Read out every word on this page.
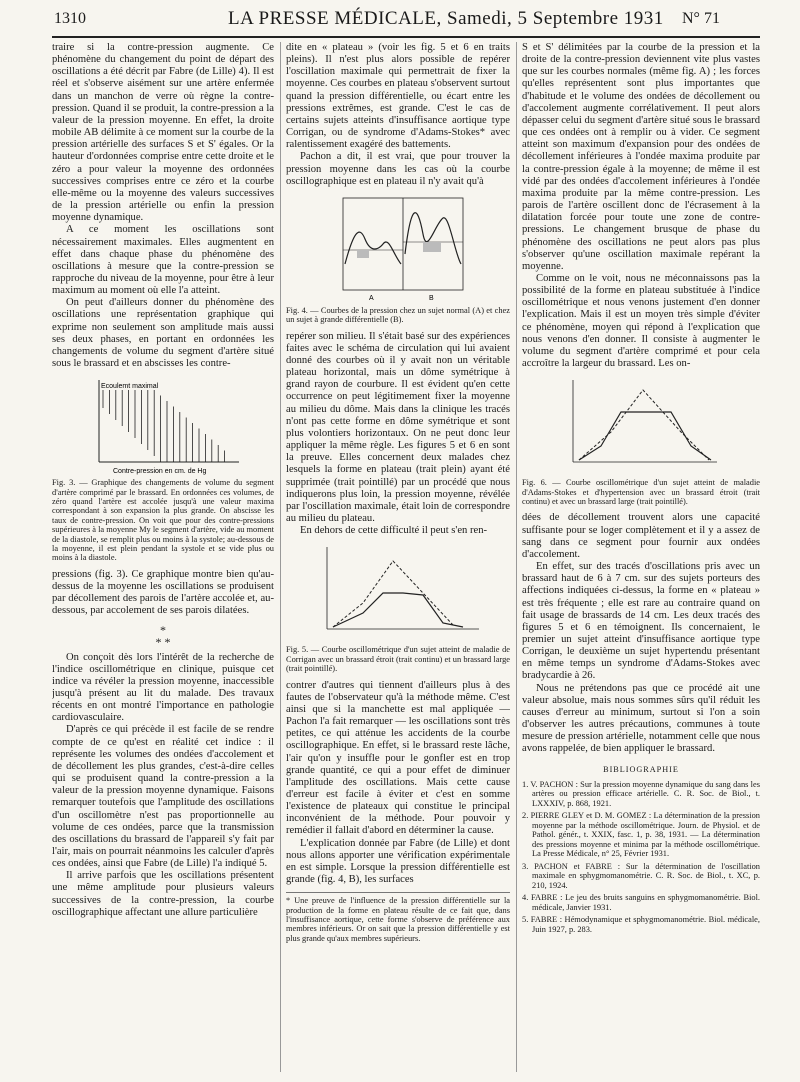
1310	LA PRESSE MÉDICALE, Samedi, 5 Septembre 1931 N° 71

traire si la contre-pression augmente. Ce phénomène du changement du point de départ des oscillations a été décrit par Fabre (de Lille) 4). Il est réel et s'observe aisément sur une artère enfermée dans un manchon de verre où règne la contre-pression. Quand il se produit, la contre-pression a la valeur de la pression moyenne. En effet, la droite mobile AB délimite à ce moment sur la courbe de la pression artérielle des surfaces S et S' égales. Or la hauteur d'ordonnées comprise entre cette droite et le zéro a pour valeur la moyenne des ordonnées successives comprises entre ce zéro et la courbe elle-même ou la moyenne des valeurs successives de la pression artérielle ou enfin la pression moyenne dynamique.

A ce moment les oscillations sont nécessairement maximales. Elles augmentent en effet dans chaque phase du phénomène des oscillations à mesure que la contre-pression se rapproche du niveau de la moyenne, pour être à leur maximum au moment où elle l'a atteint.

On peut d'ailleurs donner du phénomène des oscillations une représentation graphique qui exprime non seulement son amplitude mais aussi ses deux phases, en portant en ordonnées les changements de volume du segment d'artère situé sous le brassard et en abscisses les contre-

Ecoulemt maximal
Contre-pression en cm. de Hg
Fig. 3. — Graphique des changements de volume du segment d'artère comprimé par le brassard. En ordonnées ces volumes, de zéro quand l'artère est accolée jusqu'à une valeur maxima correspondant à son expansion la plus grande. On abscisse les taux de contre-pression. On voit que pour des contre-pressions supérieures à la moyenne My le segment d'artère, vide au moment de la diastole, se remplit plus ou moins à la systole; au-dessous de la moyenne, il est plein pendant la systole et se vide plus ou moins à la diastole.

pressions (fig. 3). Ce graphique montre bien qu'au-dessus de la moyenne les oscillations se produisent par décollement des parois de l'artère accolée et, au-dessous, par accolement de ses parois dilatées.

*
* *

On conçoit dès lors l'intérêt de la recherche de l'indice oscillométrique en clinique, puisque cet indice va révéler la pression moyenne, inaccessible jusqu'à présent au lit du malade. Des travaux récents en ont montré l'importance en pathologie cardiovasculaire.

D'après ce qui précède il est facile de se rendre compte de ce qu'est en réalité cet indice : il représente les volumes des ondées d'accolement et de décollement les plus grandes, c'est-à-dire celles qui se produisent quand la contre-pression a la valeur de la pression moyenne dynamique. Faisons remarquer toutefois que l'amplitude des oscillations d'un oscillomètre n'est pas proportionnelle au volume de ces ondées, parce que la transmission des oscillations du brassard de l'appareil s'y fait par l'air, mais on pourrait néanmoins les calculer d'après ces ondées, ainsi que Fabre (de Lille) l'a indiqué 5.

Il arrive parfois que les oscillations présentent une même amplitude pour plusieurs valeurs successives de la contre-pression, la courbe oscillographique affectant une allure particulière

dite en « plateau » (voir les fig. 5 et 6 en traits pleins). Il n'est plus alors possible de repérer l'oscillation maximale qui permettrait de fixer la moyenne. Ces courbes en plateau s'observent surtout quand la pression différentielle, ou écart entre les pressions extrêmes, est grande. C'est le cas de certains sujets atteints d'insuffisance aortique type Corrigan, ou de syndrome d'Adams-Stokes* avec ralentissement exagéré des battements.

Pachon a dit, il est vrai, que pour trouver la pression moyenne dans les cas où la courbe oscillographique est en plateau il n'y avait qu'à

A	B
Fig. 4. — Courbes de la pression chez un sujet normal (A) et chez un sujet à grande différentielle (B).

repérer son milieu. Il s'était basé sur des expériences faites avec le schéma de circulation qui lui avaient donné des courbes où il y avait non un véritable plateau horizontal, mais un dôme symétrique à grand rayon de courbure. Il est évident qu'en cette occurrence on peut légitimement fixer la moyenne au milieu du dôme. Mais dans la clinique les tracés n'ont pas cette forme en dôme symétrique et sont plus volontiers horizontaux. On ne peut donc leur appliquer la même règle. Les figures 5 et 6 en sont la preuve. Elles concernent deux malades chez lesquels la forme en plateau (trait plein) ayant été supprimée (trait pointillé) par un procédé que nous indiquerons plus loin, la pression moyenne, révélée par l'oscillation maximale, était loin de correspondre au milieu du plateau.

En dehors de cette difficulté il peut s'en ren-

Fig. 5. — Courbe oscillométrique d'un sujet atteint de maladie de Corrigan avec un brassard étroit (trait continu) et un brassard large (trait pointillé).

contrer d'autres qui tiennent d'ailleurs plus à des fautes de l'observateur qu'à la méthode même. C'est ainsi que si la manchette est mal appliquée — Pachon l'a fait remarquer — les oscillations sont très petites, ce qui atténue les accidents de la courbe oscillographique. En effet, si le brassard reste lâche, l'air qu'on y insuffle pour le gonfler est en trop grande quantité, ce qui a pour effet de diminuer l'amplitude des oscillations. Mais cette cause d'erreur est facile à éviter et c'est en somme l'existence de plateaux qui constitue le principal inconvénient de la méthode. Pour pouvoir y remédier il fallait d'abord en déterminer la cause.

L'explication donnée par Fabre (de Lille) et dont nous allons apporter une vérification expérimentale en est simple. Lorsque la pression différentielle est grande (fig. 4, B), les surfaces

* Une preuve de l'influence de la pression différentielle sur la production de la forme en plateau résulte de ce fait que, dans l'insuffisance aortique, cette forme s'observe de préférence aux membres inférieurs. Or on sait que la pression différentielle y est plus grande qu'aux membres supérieurs.

S et S' délimitées par la courbe de la pression et la droite de la contre-pression deviennent vite plus vastes que sur les courbes normales (même fig. A) ; les forces qu'elles représentent sont plus importantes que d'habitude et le volume des ondées de décollement ou d'accolement augmente corrélativement. Il peut alors dépasser celui du segment d'artère situé sous le brassard que ces ondées ont à remplir ou à vider. Ce segment atteint son maximum d'expansion pour des ondées de décollement inférieures à l'ondée maxima produite par la contre-pression égale à la moyenne; de même il est vidé par des ondées d'accolement inférieures à l'ondée maxima produite par la même contre-pression. Les parois de l'artère oscillent donc de l'écrasement à la dilatation forcée pour toute une zone de contre-pressions. Le changement brusque de phase du phénomène des oscillations ne peut alors pas plus s'observer qu'une oscillation maximale repérant la moyenne.

Comme on le voit, nous ne méconnaissons pas la possibilité de la forme en plateau substituée à l'indice oscillométrique et nous venons justement d'en donner l'explication. Mais il est un moyen très simple d'éviter ce phénomène, moyen qui répond à l'explication que nous venons d'en donner. Il consiste à augmenter le volume du segment d'artère comprimé et pour cela accroître la largeur du brassard. Les on-

Fig. 6. — Courbe oscillométrique d'un sujet atteint de maladie d'Adams-Stokes et d'hypertension avec un brassard étroit (trait continu) et avec un brassard large (trait pointillé).

dées de décollement trouvent alors une capacité suffisante pour se loger complètement et il y a assez de sang dans ce segment pour fournir aux ondées d'accolement.

En effet, sur des tracés d'oscillations pris avec un brassard haut de 6 à 7 cm. sur des sujets porteurs des affections indiquées ci-dessus, la forme en « plateau » est très fréquente ; elle est rare au contraire quand on fait usage de brassards de 14 cm. Les deux tracés des figures 5 et 6 en témoignent. Ils concernaient, le premier un sujet atteint d'insuffisance aortique type Corrigan, le deuxième un sujet hypertendu présentant en même temps un syndrome d'Adams-Stokes avec bradycardie à 26.

Nous ne prétendons pas que ce procédé ait une valeur absolue, mais nous sommes sûrs qu'il réduit les causes d'erreur au minimum, surtout si l'on a soin d'observer les autres précautions, communes à toute mesure de pression artérielle, notamment celle que nous avons rappelée, de bien appliquer le brassard.

BIBLIOGRAPHIE
1. V. PACHON : Sur la pression moyenne dynamique du sang dans les artères ou pression efficace artérielle. C. R. Soc. de Biol., t. LXXXIV, p. 868, 1921.
2. PIERRE GLEY et D. M. GOMEZ : La détermination de la pression moyenne par la méthode oscillométrique. Journ. de Physiol. et de Pathol. génér., t. XXIX, fasc. 1, p. 38, 1931. — La détermination des pressions moyenne et minima par la méthode oscillométrique. La Presse Médicale, n° 25, Février 1931.
3. PACHON et FABRE : Sur la détermination de l'oscillation maximale en sphygmomanométrie. C. R. Soc. de Biol., t. XC, p. 210, 1924.
4. FABRE : Le jeu des bruits sanguins en sphygmomanométrie. Biol. médicale, Janvier 1931.
5. FABRE : Hémodynamique et sphygmomanométrie. Biol. médicale, Juin 1927, p. 283.
